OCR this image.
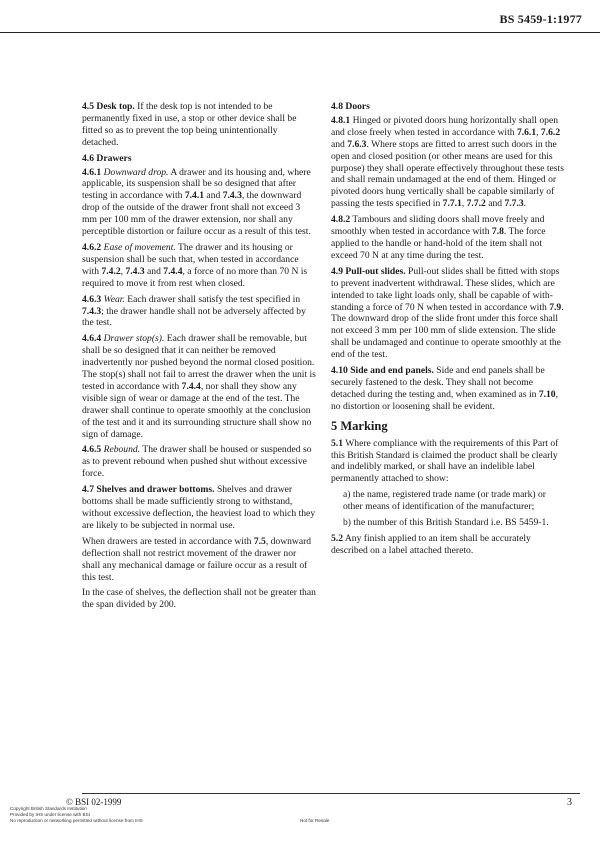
BS 5459-1:1977

4.5 Desk top. If the desk top is not intended to be permanently fixed in use, a stop or other device shall be fitted so as to prevent the top being unintentionally detached.

4.6 Drawers

4.6.1 Downward drop. A drawer and its housing and, where applicable, its suspension shall be so designed that after testing in accordance with 7.4.1 and 7.4.3, the downward drop of the outside of the drawer front shall not exceed 3 mm per 100 mm of the drawer extension, nor shall any perceptible distortion or failure occur as a result of this test.

4.6.2 Ease of movement. The drawer and its housing or suspension shall be such that, when tested in accordance with 7.4.2, 7.4.3 and 7.4.4, a force of no more than 70 N is required to move it from rest when closed.

4.6.3 Wear. Each drawer shall satisfy the test specified in 7.4.3; the drawer handle shall not be adversely affected by the test.

4.6.4 Drawer stop(s). Each drawer shall be removable, but shall be so designed that it can neither be removed inadvertently nor pushed beyond the normal closed position. The stop(s) shall not fail to arrest the drawer when the unit is tested in accordance with 7.4.4, nor shall they show any visible sign of wear or damage at the end of the test. The drawer shall continue to operate smoothly at the conclusion of the test and it and its surrounding structure shall show no sign of damage.

4.6.5 Rebound. The drawer shall be housed or suspended so as to prevent rebound when pushed shut without excessive force.

4.7 Shelves and drawer bottoms. Shelves and drawer bottoms shall be made sufficiently strong to withstand, without excessive deflection, the heaviest load to which they are likely to be subjected in normal use.

When drawers are tested in accordance with 7.5, downward deflection shall not restrict movement of the drawer nor shall any mechanical damage or failure occur as a result of this test.

In the case of shelves, the deflection shall not be greater than the span divided by 200.

4.8 Doors

4.8.1 Hinged or pivoted doors hung horizontally shall open and close freely when tested in accordance with 7.6.1, 7.6.2 and 7.6.3. Where stops are fitted to arrest such doors in the open and closed position (or other means are used for this purpose) they shall operate effectively throughout these tests and shall remain undamaged at the end of them. Hinged or pivoted doors hung vertically shall be capable similarly of passing the tests specified in 7.7.1, 7.7.2 and 7.7.3.

4.8.2 Tambours and sliding doors shall move freely and smoothly when tested in accordance with 7.8. The force applied to the handle or hand-hold of the item shall not exceed 70 N at any time during the test.

4.9 Pull-out slides. Pull-out slides shall be fitted with stops to prevent inadvertent withdrawal. These slides, which are intended to take light loads only, shall be capable of with-standing a force of 70 N when tested in accordance with 7.9. The downward drop of the slide front under this force shall not exceed 3 mm per 100 mm of slide extension. The slide shall be undamaged and continue to operate smoothly at the end of the test.

4.10 Side and end panels. Side and end panels shall be securely fastened to the desk. They shall not become detached during the testing and, when examined as in 7.10, no distortion or loosening shall be evident.

5 Marking

5.1 Where compliance with the requirements of this Part of this British Standard is claimed the product shall be clearly and indelibly marked, or shall have an indelible label permanently attached to show:

a) the name, registered trade name (or trade mark) or other means of identification of the manufacturer;
b) the number of this British Standard i.e. BS 5459-1.

5.2 Any finish applied to an item shall be accurately described on a label attached thereto.

© BSI 02-1999	3
Copyright British Standards Institution
Provided by IHS under license with BSI
No reproduction or networking permitted without license from IHS	Not for Resale
